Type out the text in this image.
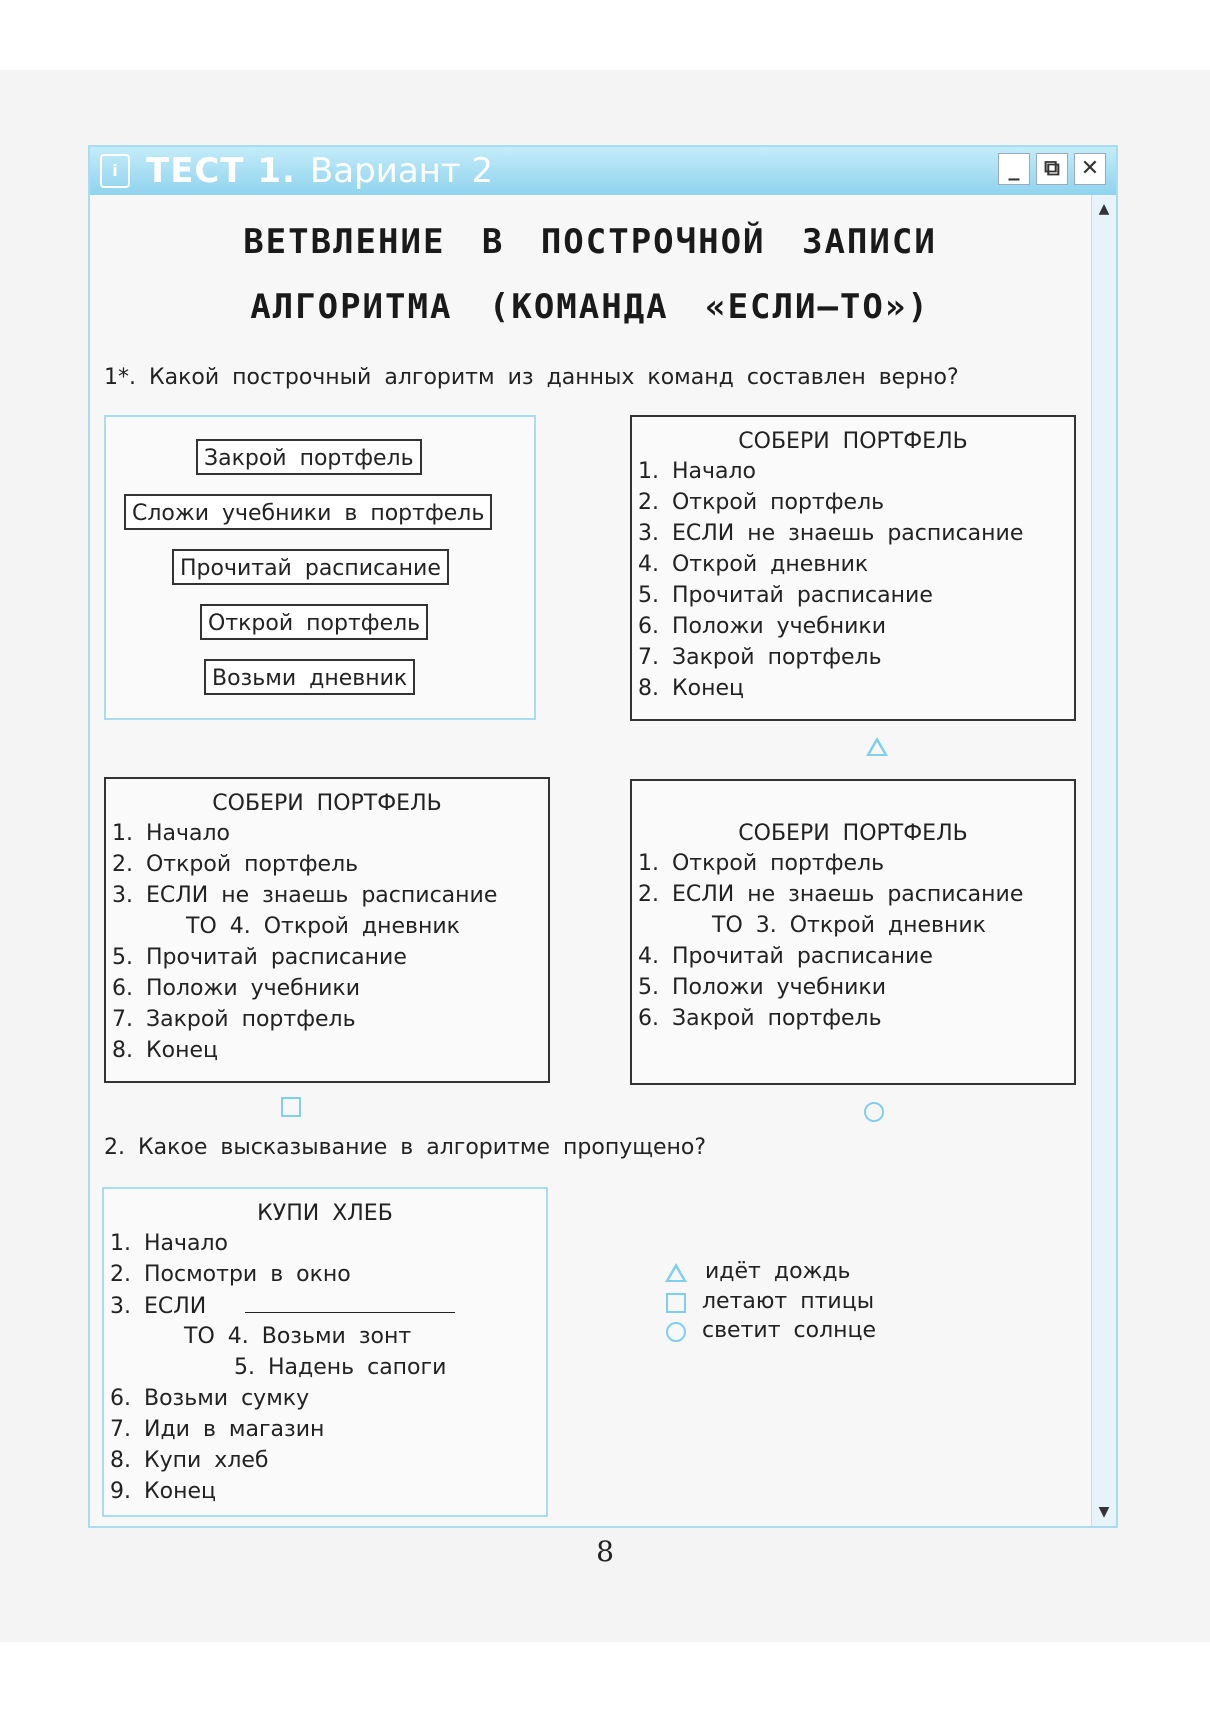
i ТЕСТ 1. Вариант 2	_	⧉ ✕
▲
▼
ВЕТВЛЕНИЕ В ПОСТРОЧНОЙ ЗАПИСИ
АЛГОРИТМА (КОМАНДА «ЕСЛИ–ТО»)
1*. Какой построчный алгоритм из данных команд составлен верно?
Закрой портфель
Сложи учебники в портфель
Прочитай расписание
Открой портфель
Возьми дневник
СОБЕРИ ПОРТФЕЛЬ
1. Начало
2. Открой портфель
3. ЕСЛИ не знаешь расписание
4. Открой дневник
5. Прочитай расписание
6. Положи учебники
7. Закрой портфель
8. Конец
СОБЕРИ ПОРТФЕЛЬ
1. Начало
2. Открой портфель
3. ЕСЛИ не знаешь расписание
ТО 4. Открой дневник
5. Прочитай расписание
6. Положи учебники
7. Закрой портфель
8. Конец
СОБЕРИ ПОРТФЕЛЬ
1. Открой портфель
2. ЕСЛИ не знаешь расписание
ТО 3. Открой дневник
4. Прочитай расписание
5. Положи учебники
6. Закрой портфель
2. Какое высказывание в алгоритме пропущено?
КУПИ ХЛЕБ
1. Начало
2. Посмотри в окно
3. ЕСЛИ
ТО 4. Возьми зонт
5. Надень сапоги
6. Возьми сумку
7. Иди в магазин
8. Купи хлеб
9. Конец
идёт дождь
летают птицы
светит солнце
8
